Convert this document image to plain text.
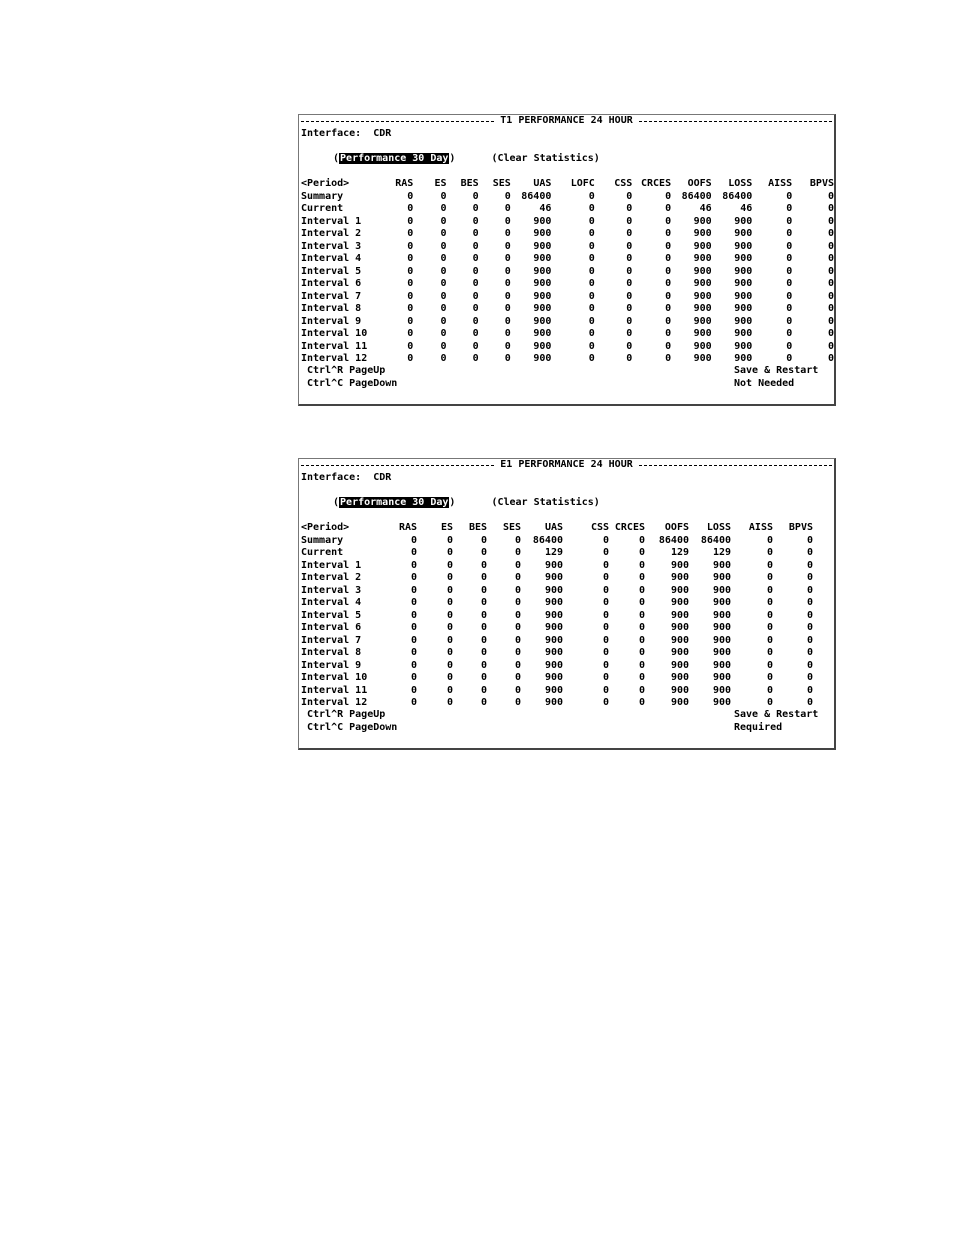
T1 PERFORMANCE 24 HOUR
Interface: CDR
(Performance 30 Day)	(Clear Statistics)
<Period>	RAS	ES	BES	SES	UAS	LOFC	CSS	CRCES	OOFS	LOSS	AISS	BPVS
Summary	0	0	0	0	86400	0	0	0	86400	86400	0	0
Current	0	0	0	0	46	0	0	0	46	46	0	0
Interval 1	0	0	0	0	900	0	0	0	900	900	0	0
Interval 2	0	0	0	0	900	0	0	0	900	900	0	0
Interval 3	0	0	0	0	900	0	0	0	900	900	0	0
Interval 4	0	0	0	0	900	0	0	0	900	900	0	0
Interval 5	0	0	0	0	900	0	0	0	900	900	0	0
Interval 6	0	0	0	0	900	0	0	0	900	900	0	0
Interval 7	0	0	0	0	900	0	0	0	900	900	0	0
Interval 8	0	0	0	0	900	0	0	0	900	900	0	0
Interval 9	0	0	0	0	900	0	0	0	900	900	0	0
Interval 10	0	0	0	0	900	0	0	0	900	900	0	0
Interval 11	0	0	0	0	900	0	0	0	900	900	0	0
Interval 12	0	0	0	0	900	0	0	0	900	900	0	0
Ctrl^R PageUp
Ctrl^C PageDown
Save & Restart
Not Needed
E1 PERFORMANCE 24 HOUR
Interface: CDR
(Performance 30 Day)	(Clear Statistics)
<Period>	RAS	ES	BES	SES	UAS	CSS	CRCES	OOFS	LOSS	AISS	BPVS
Summary	0	0	0	0	86400	0	0	86400	86400	0	0
Current	0	0	0	0	129	0	0	129	129	0	0
Interval 1	0	0	0	0	900	0	0	900	900	0	0
Interval 2	0	0	0	0	900	0	0	900	900	0	0
Interval 3	0	0	0	0	900	0	0	900	900	0	0
Interval 4	0	0	0	0	900	0	0	900	900	0	0
Interval 5	0	0	0	0	900	0	0	900	900	0	0
Interval 6	0	0	0	0	900	0	0	900	900	0	0
Interval 7	0	0	0	0	900	0	0	900	900	0	0
Interval 8	0	0	0	0	900	0	0	900	900	0	0
Interval 9	0	0	0	0	900	0	0	900	900	0	0
Interval 10	0	0	0	0	900	0	0	900	900	0	0
Interval 11	0	0	0	0	900	0	0	900	900	0	0
Interval 12	0	0	0	0	900	0	0	900	900	0	0
Ctrl^R PageUp
Ctrl^C PageDown
Save & Restart
Required
